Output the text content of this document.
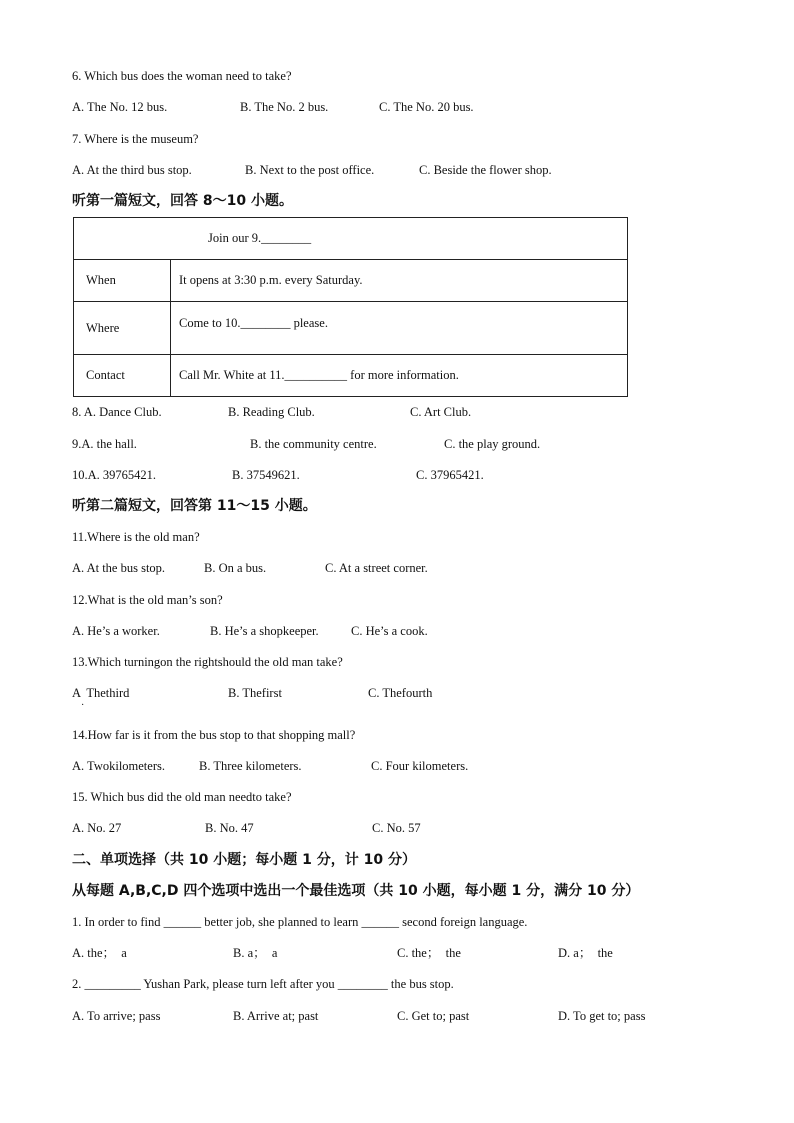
6. Which bus does the woman need to take?
A. The No. 12 bus.	B. The No. 2 bus.	C. The No. 20 bus.
7. Where is the museum?
A. At the third bus stop.	B. Next to the post office.	C. Beside the flower shop.
听第一篇短文，回答 8～10 小题。
Join our 9.________	
When	It opens at 3:30 p.m. every Saturday.
Where	Come to 10.________ please.
Contact	Call Mr. White at 11.__________ for more information.
8. A. Dance Club.	B. Reading Club.	C. Art Club.
9.A. the hall.	B. the community centre.	C. the play ground.
10.A. 39765421.	B. 37549621.	C. 37965421.
听第二篇短文，回答第 11～15 小题。
11.Where is the old man?
A. At the bus stop.	B. On a bus.	C. At a street corner.
12.What is the old man’s son?
A. He’s a worker.	B. He’s a shopkeeper.	C. He’s a cook.
13.Which turningon the rightshould the old man take?
A  Thethird	B. Thefirst	C. Thefourth
·
14.How far is it from the bus stop to that shopping mall?
A. Twokilometers.	B. Three kilometers.	C. Four kilometers.
15. Which bus did the old man needto take?
A. No. 27	B. No. 47	C. No. 57
二、单项选择（共 10 小题；每小题 1 分，计 10 分）
从每题 A,B,C,D 四个选项中选出一个最佳选项（共 10 小题，每小题 1 分，满分 10 分）
1. In order to find ______ better job, she planned to learn ______ second foreign language.
A. the；  a	B. a；  a	C. the；  the	D. a；  the
2. _________ Yushan Park, please turn left after you ________ the bus stop.
A. To arrive; pass	B. Arrive at; past	C. Get to; past	D. To get to; pass
